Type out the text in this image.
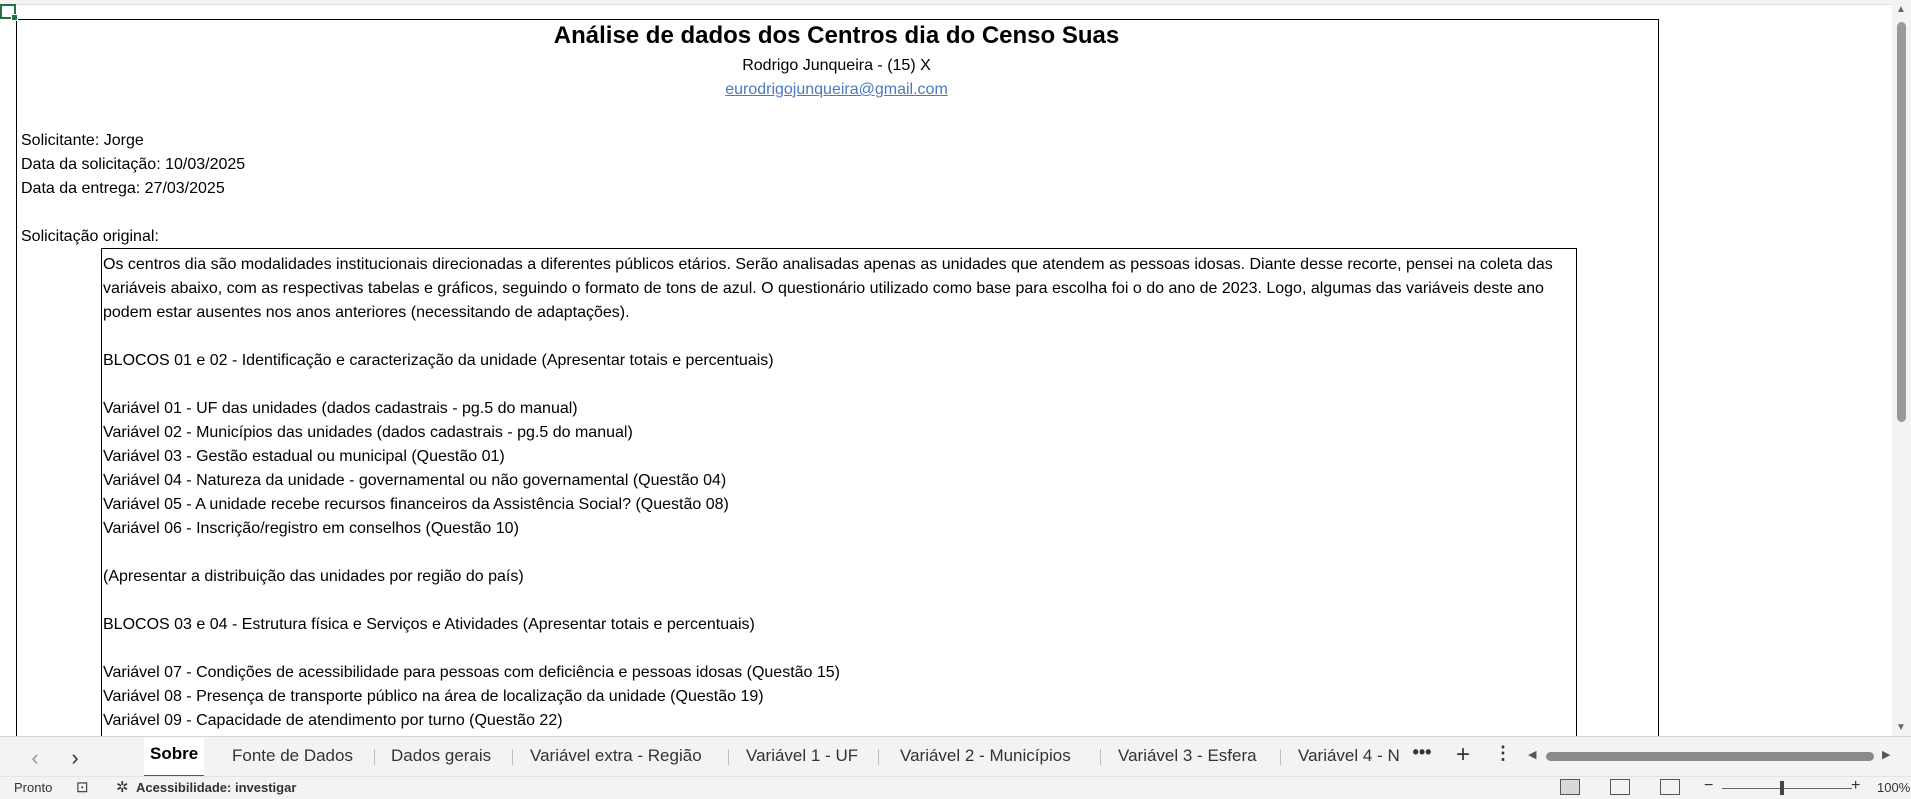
Análise de dados dos Centros dia do Censo Suas
Rodrigo Junqueira - (15) X
eurodrigojunqueira@gmail.com
Solicitante: Jorge
Data da solicitação: 10/03/2025
Data da entrega: 27/03/2025
Solicitação original:
Os centros dia são modalidades institucionais direcionadas a diferentes públicos etários. Serão analisadas apenas as unidades que atendem as pessoas idosas. Diante desse recorte, pensei na coleta das
variáveis abaixo, com as respectivas tabelas e gráficos, seguindo o formato de tons de azul. O questionário utilizado como base para escolha foi o do ano de 2023. Logo, algumas das variáveis deste ano
podem estar ausentes nos anos anteriores (necessitando de adaptações).
BLOCOS 01 e 02 - Identificação e caracterização da unidade (Apresentar totais e percentuais)
Variável 01 - UF das unidades (dados cadastrais - pg.5 do manual)
Variável 02 - Municípios das unidades (dados cadastrais - pg.5 do manual)
Variável 03 - Gestão estadual ou municipal (Questão 01)
Variável 04 - Natureza da unidade - governamental ou não governamental (Questão 04)
Variável 05 - A unidade recebe recursos financeiros da Assistência Social? (Questão 08)
Variável 06 - Inscrição/registro em conselhos (Questão 10)
(Apresentar a distribuição das unidades por região do país)
BLOCOS 03 e 04 - Estrutura física e Serviços e Atividades (Apresentar totais e percentuais)
Variável 07 - Condições de acessibilidade para pessoas com deficiência e pessoas idosas (Questão 15)
Variável 08 - Presença de transporte público na área de localização da unidade (Questão 19)
Variável 09 - Capacidade de atendimento por turno (Questão 22)
▲
▼
‹	›	Sobre	Fonte de Dados	Dados gerais	Variável extra - Região	Variável 1 - UF	Variável 2 - Municípios	Variável 3 - Esfera	Variável 4 - N ••• + ⋮ ◀	▶
Pronto ⊡ ✲ Acessibilidade: investigar	−	+ 100%
